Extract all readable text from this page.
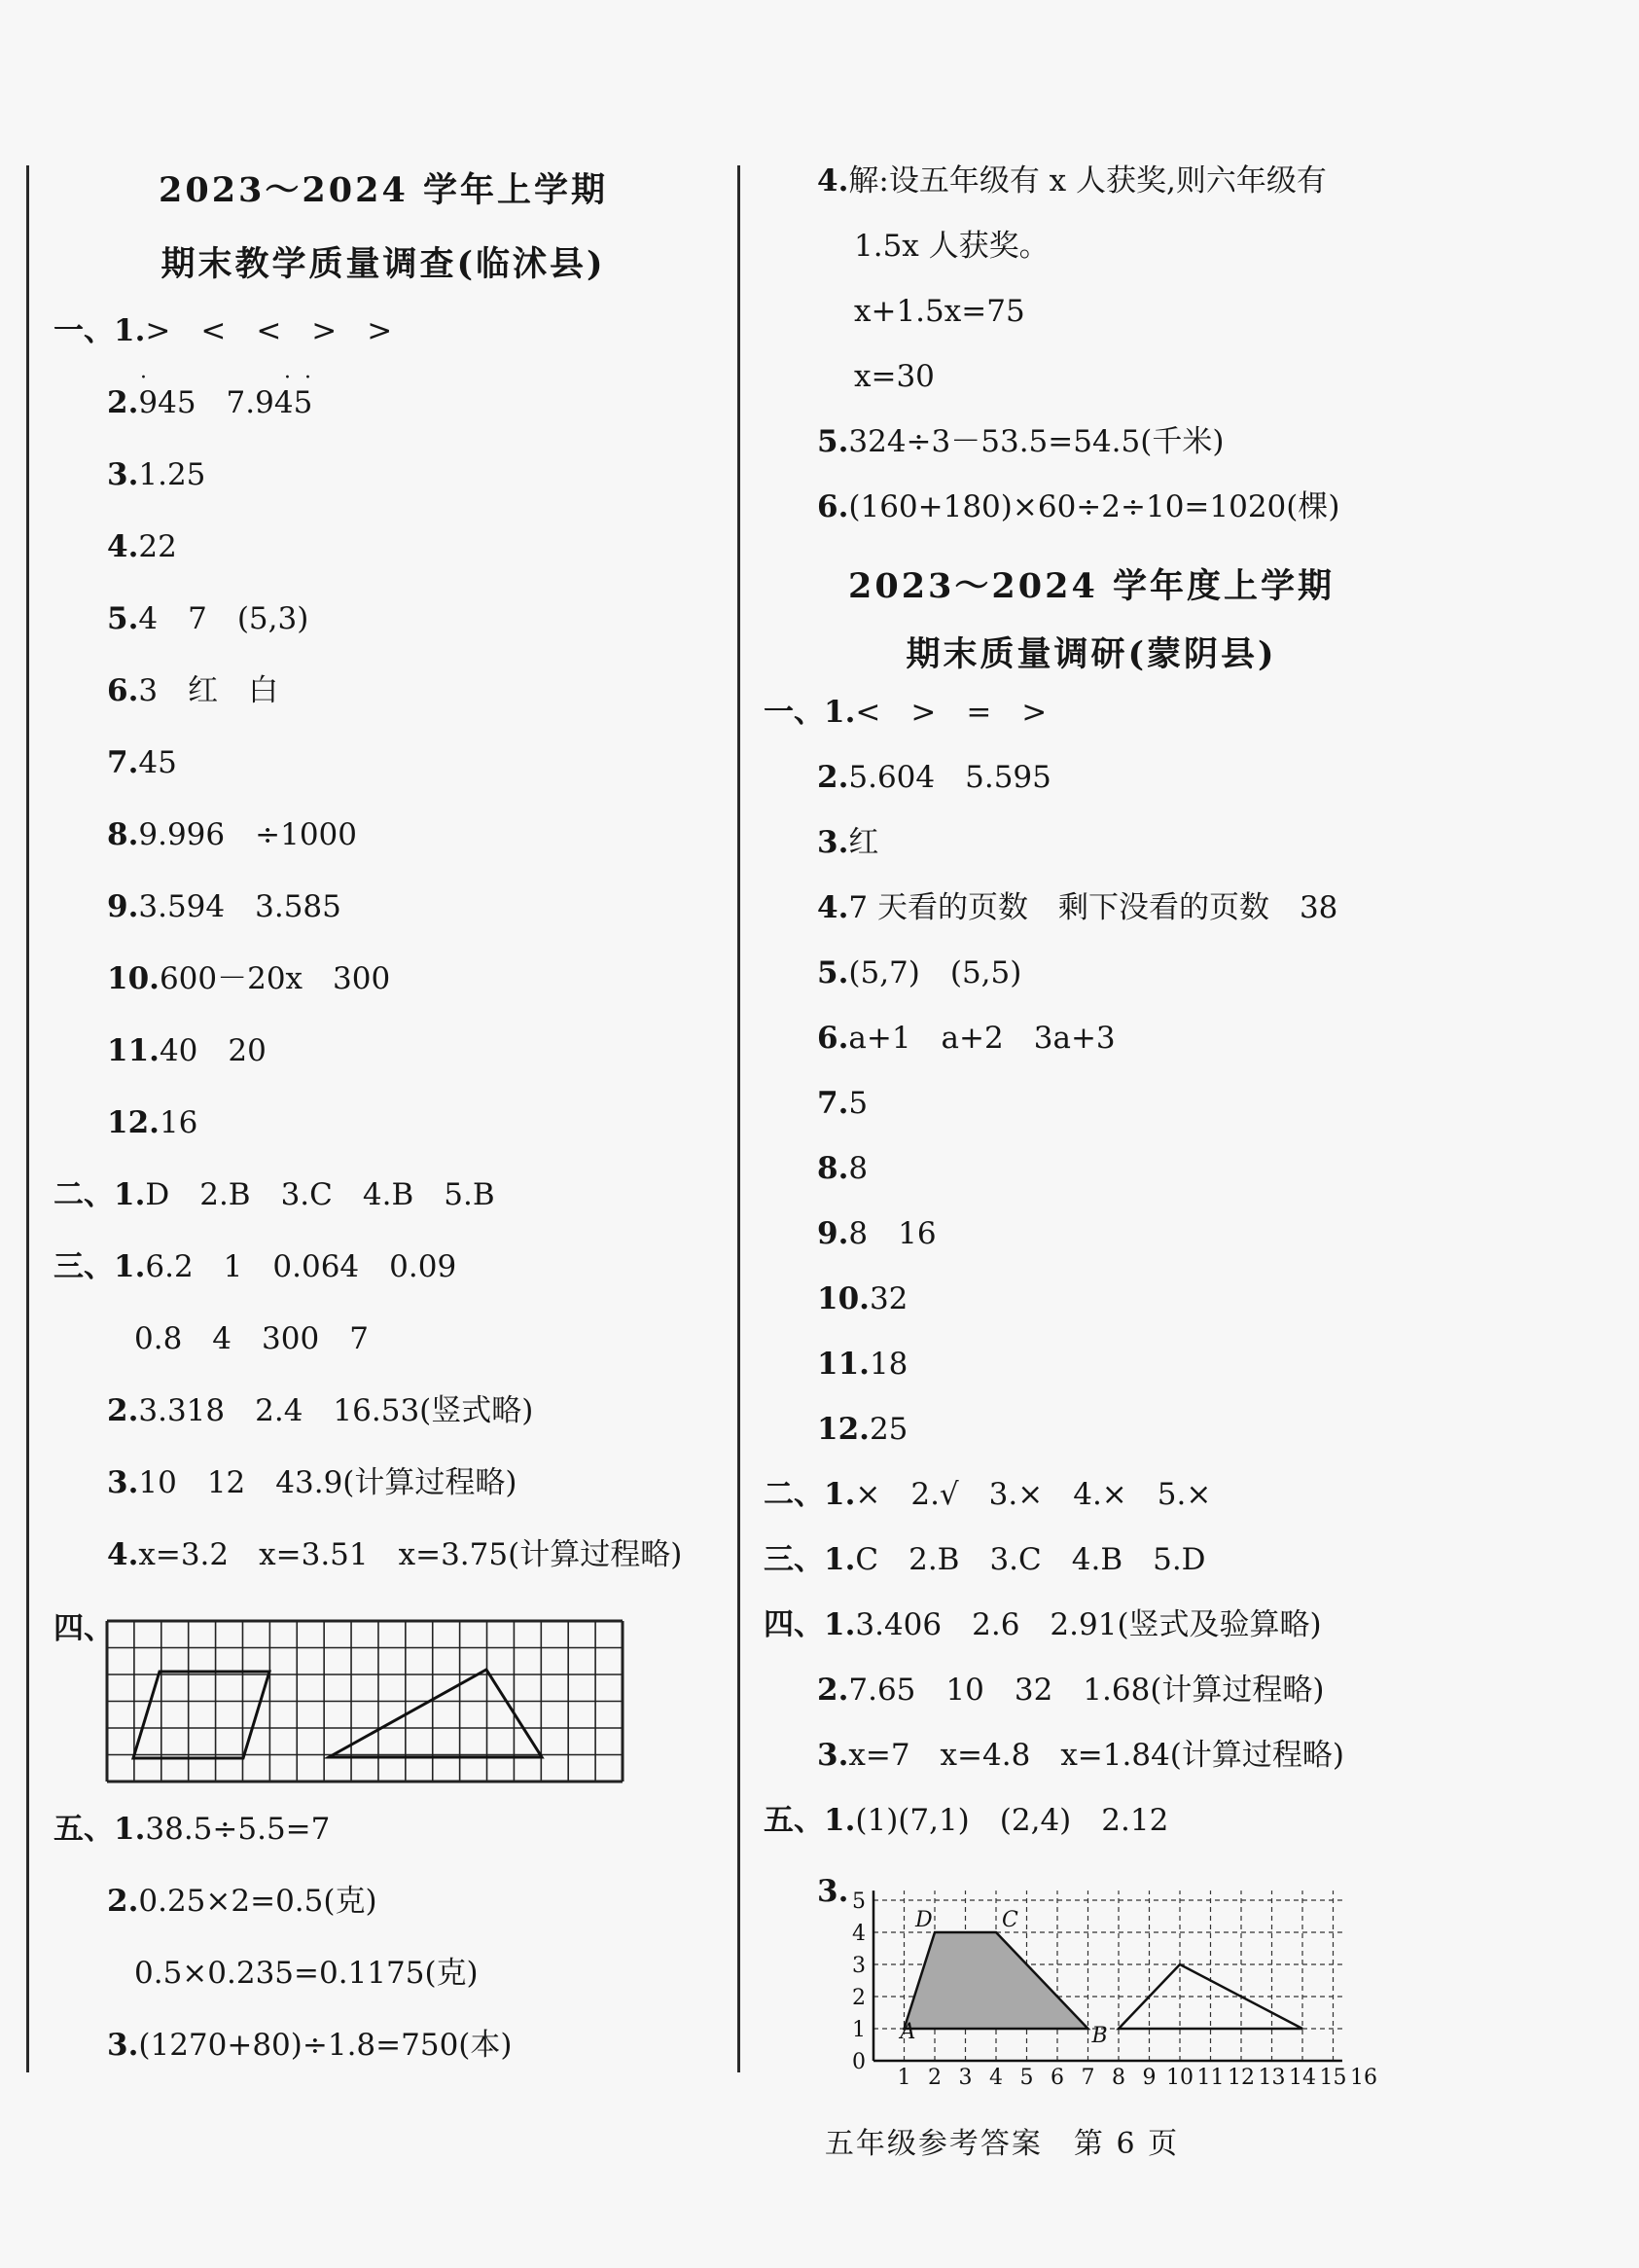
2023～2024 学年上学期
期末教学质量调查(临沭县)
一、1.>　<　<　>　>
2.945　7.945
3.1.25
4.22
5.4　7　(5,3)
6.3　红　白
7.45
8.9.996　÷1000
9.3.594　3.585
10.600－20x　300
11.40　20
12.16
二、1.D　2.B　3.C　4.B　5.B
三、1.6.2　1　0.064　0.09
0.8　4　300　7
2.3.318　2.4　16.53(竖式略)
3.10　12　43.9(计算过程略)
4.x=3.2　x=3.51　x=3.75(计算过程略)
四、
五、1.38.5÷5.5=7
2.0.25×2=0.5(克)
0.5×0.235=0.1175(克)
3.(1270+80)÷1.8=750(本)
·	· ·
4.解:设五年级有 x 人获奖,则六年级有
1.5x 人获奖。
x+1.5x=75
x=30
5.324÷3－53.5=54.5(千米)
6.(160+180)×60÷2÷10=1020(棵)
2023～2024 学年度上学期
期末质量调研(蒙阴县)
一、1.<　>　=　>
2.5.604　5.595
3.红
4.7 天看的页数　剩下没看的页数　38
5.(5,7)　(5,5)
6.a+1　a+2　3a+3
7.5
8.8
9.8　16
10.32
11.18
12.25
二、1.×　2.√　3.×　4.×　5.×
三、1.C　2.B　3.C　4.B　5.D
四、1.3.406　2.6　2.91(竖式及验算略)
2.7.65　10　32　1.68(计算过程略)
3.x=7　x=4.8　x=1.84(计算过程略)
五、1.(1)(7,1)　(2,4)　2.12
3.
1 2 3 4 5 6 7 8 9 10 11 12 13 14 15 16
0
1
2
3
4
5
A	B
C
D
五年级参考答案　第 6 页
